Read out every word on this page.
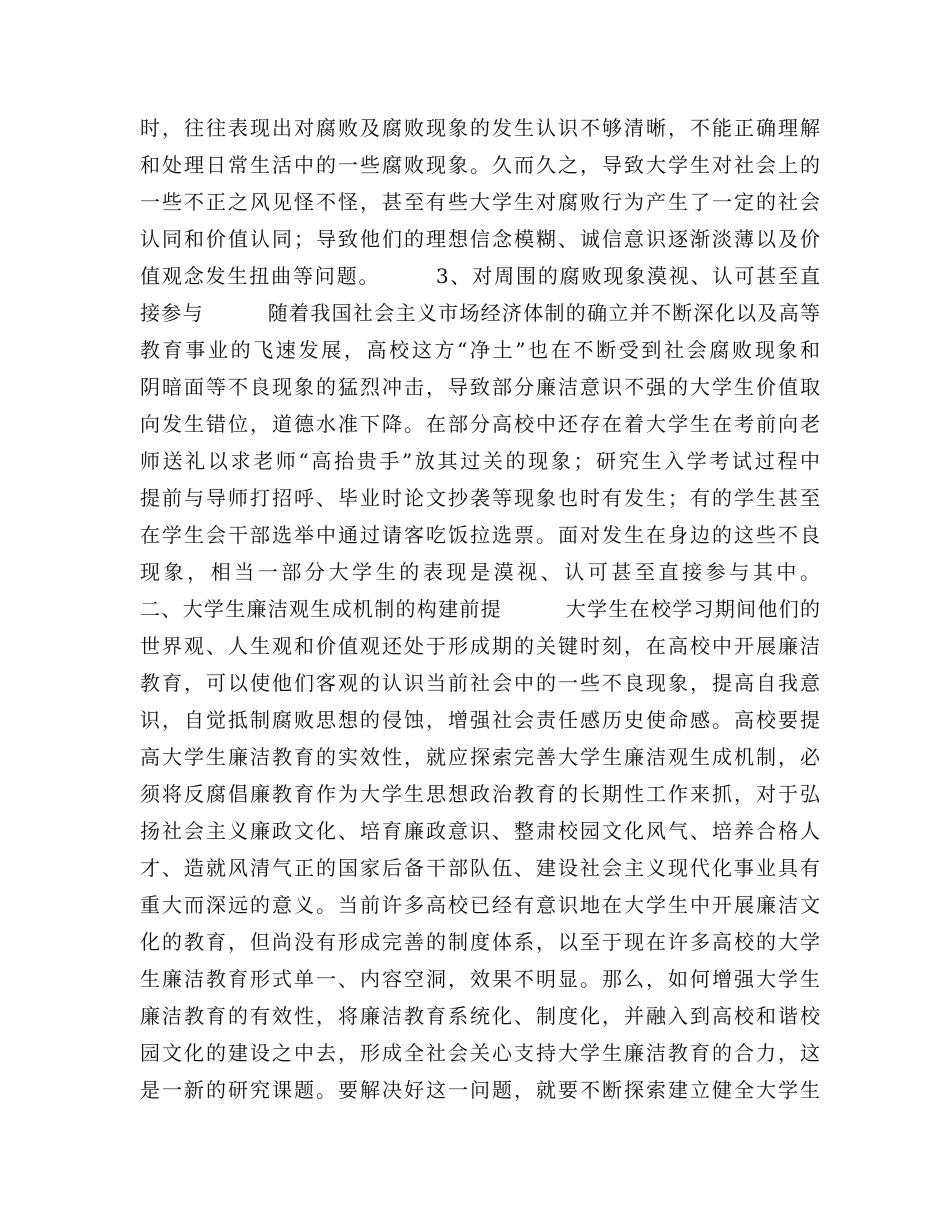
时，往往表现出对腐败及腐败现象的发生认识不够清晰，不能正确理解
和处理日常生活中的一些腐败现象。久而久之，导致大学生对社会上的
一些不正之风见怪不怪，甚至有些大学生对腐败行为产生了一定的社会
认同和价值认同；导致他们的理想信念模糊、诚信意识逐渐淡薄以及价
值观念发生扭曲等问题。　　　3、对周围的腐败现象漠视、认可甚至直
接参与　　　随着我国社会主义市场经济体制的确立并不断深化以及高等
教育事业的飞速发展，高校这方“净土”也在不断受到社会腐败现象和
阴暗面等不良现象的猛烈冲击，导致部分廉洁意识不强的大学生价值取
向发生错位，道德水准下降。在部分高校中还存在着大学生在考前向老
师送礼以求老师“高抬贵手”放其过关的现象；研究生入学考试过程中
提前与导师打招呼、毕业时论文抄袭等现象也时有发生；有的学生甚至
在学生会干部选举中通过请客吃饭拉选票。面对发生在身边的这些不良
现象，相当一部分大学生的表现是漠视、认可甚至直接参与其中。
二、大学生廉洁观生成机制的构建前提　　　大学生在校学习期间他们的
世界观、人生观和价值观还处于形成期的关键时刻，在高校中开展廉洁
教育，可以使他们客观的认识当前社会中的一些不良现象，提高自我意
识，自觉抵制腐败思想的侵蚀，增强社会责任感历史使命感。高校要提
高大学生廉洁教育的实效性，就应探索完善大学生廉洁观生成机制，必
须将反腐倡廉教育作为大学生思想政治教育的长期性工作来抓，对于弘
扬社会主义廉政文化、培育廉政意识、整肃校园文化风气、培养合格人
才、造就风清气正的国家后备干部队伍、建设社会主义现代化事业具有
重大而深远的意义。当前许多高校已经有意识地在大学生中开展廉洁文
化的教育，但尚没有形成完善的制度体系，以至于现在许多高校的大学
生廉洁教育形式单一、内容空洞，效果不明显。那么，如何增强大学生
廉洁教育的有效性，将廉洁教育系统化、制度化，并融入到高校和谐校
园文化的建设之中去，形成全社会关心支持大学生廉洁教育的合力，这
是一新的研究课题。要解决好这一问题，就要不断探索建立健全大学生
